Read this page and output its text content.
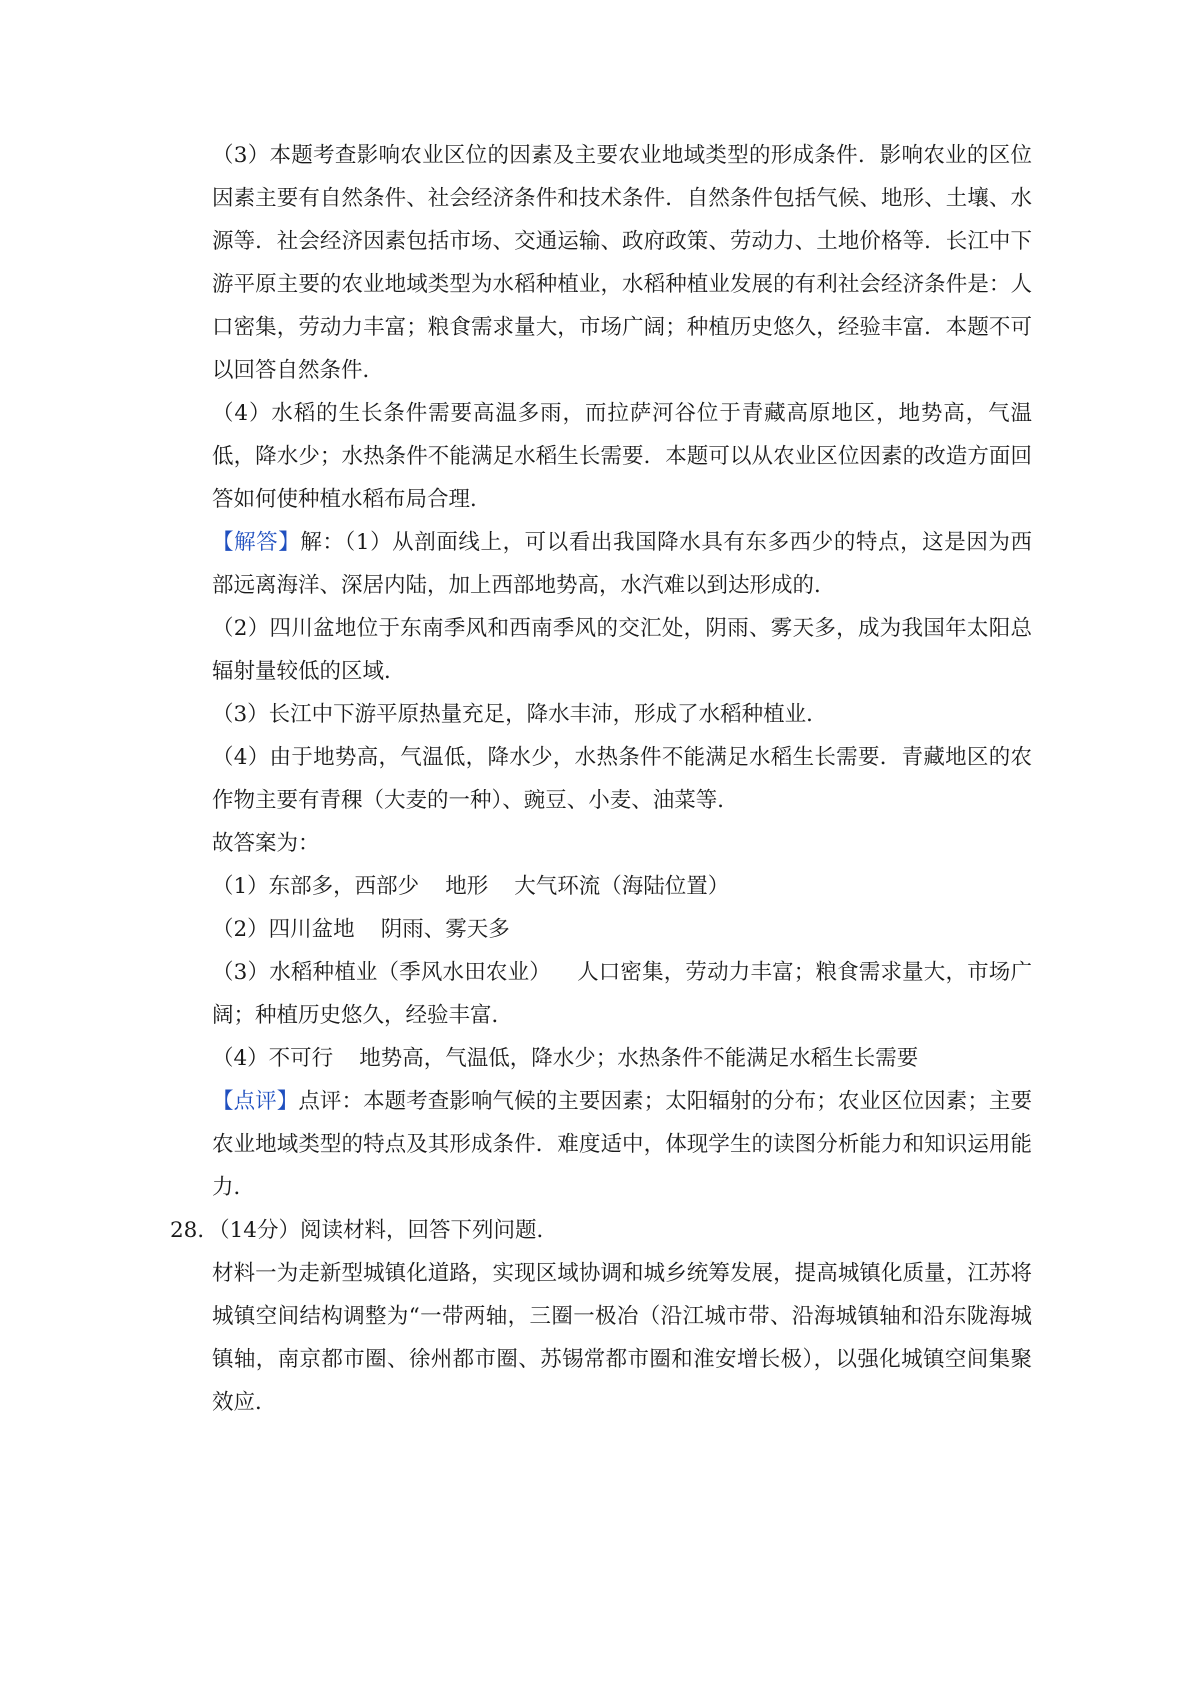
（3）本题考查影响农业区位的因素及主要农业地域类型的形成条件．影响农业的区位
因素主要有自然条件、社会经济条件和技术条件．自然条件包括气候、地形、土壤、水
源等．社会经济因素包括市场、交通运输、政府政策、劳动力、土地价格等．长江中下
游平原主要的农业地域类型为水稻种植业，水稻种植业发展的有利社会经济条件是：人
口密集，劳动力丰富；粮食需求量大，市场广阔；种植历史悠久，经验丰富．本题不可
以回答自然条件．
（4）水稻的生长条件需要高温多雨，而拉萨河谷位于青藏高原地区，地势高，气温
低，降水少；水热条件不能满足水稻生长需要．本题可以从农业区位因素的改造方面回
答如何使种植水稻布局合理．
【解答】解：（1）从剖面线上，可以看出我国降水具有东多西少的特点，这是因为西
部远离海洋、深居内陆，加上西部地势高，水汽难以到达形成的．
（2）四川盆地位于东南季风和西南季风的交汇处，阴雨、雾天多，成为我国年太阳总
辐射量较低的区域．
（3）长江中下游平原热量充足，降水丰沛，形成了水稻种植业．
（4）由于地势高，气温低，降水少，水热条件不能满足水稻生长需要．青藏地区的农
作物主要有青稞（大麦的一种）、豌豆、小麦、油菜等．
故答案为：
（1）东部多，西部少 地形 大气环流（海陆位置）
（2）四川盆地 阴雨、雾天多
（3）水稻种植业（季风水田农业） 人口密集，劳动力丰富；粮食需求量大，市场广
阔；种植历史悠久，经验丰富．
（4）不可行 地势高，气温低，降水少；水热条件不能满足水稻生长需要
【点评】点评：本题考查影响气候的主要因素；太阳辐射的分布；农业区位因素；主要
农业地域类型的特点及其形成条件．难度适中，体现学生的读图分析能力和知识运用能
力．
28．（14分）阅读材料，回答下列问题．
材料一为走新型城镇化道路，实现区域协调和城乡统筹发展，提高城镇化质量，江苏将
城镇空间结构调整为“一带两轴，三圈一极冶（沿江城市带、沿海城镇轴和沿东陇海城
镇轴，南京都市圈、徐州都市圈、苏锡常都市圈和淮安增长极），以强化城镇空间集聚
效应．
